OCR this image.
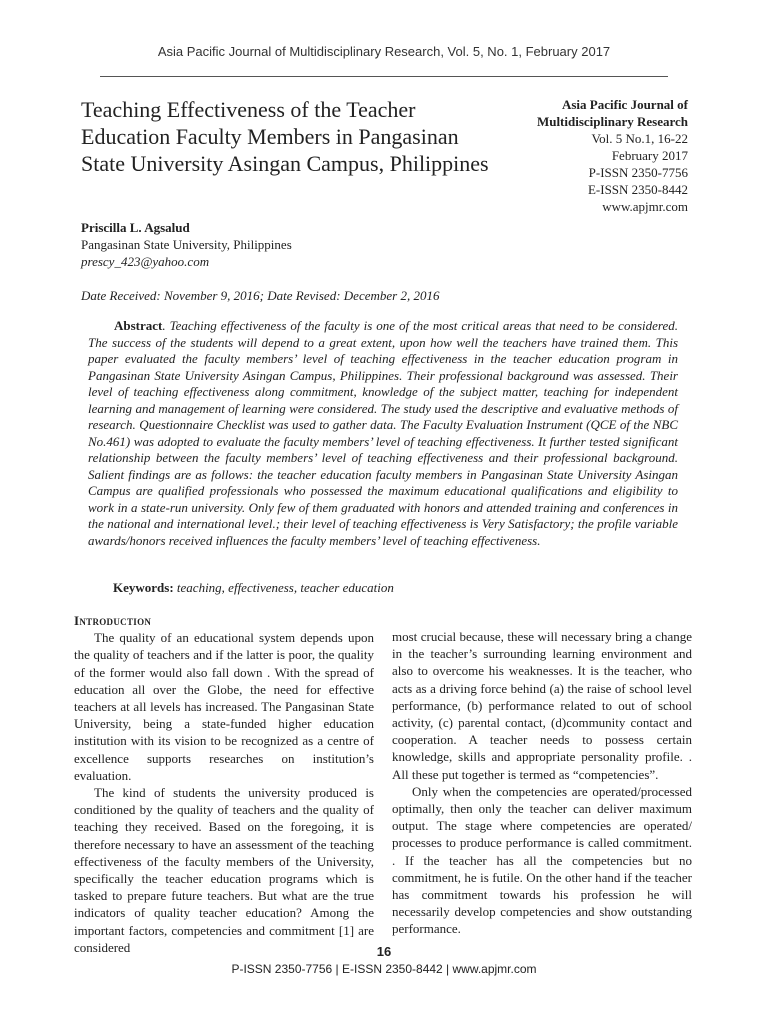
Asia Pacific Journal of Multidisciplinary Research, Vol. 5, No. 1, February 2017
Teaching Effectiveness of the Teacher Education Faculty Members in Pangasinan State University Asingan Campus, Philippines
Asia Pacific Journal of Multidisciplinary Research
Vol. 5 No.1, 16-22
February 2017
P-ISSN 2350-7756
E-ISSN 2350-8442
www.apjmr.com
Priscilla L. Agsalud
Pangasinan State University, Philippines
prescy_423@yahoo.com
Date Received: November 9, 2016; Date Revised: December 2, 2016
Abstract. Teaching effectiveness of the faculty is one of the most critical areas that need to be considered. The success of the students will depend to a great extent, upon how well the teachers have trained them. This paper evaluated the faculty members’ level of teaching effectiveness in the teacher education program in Pangasinan State University Asingan Campus, Philippines. Their professional background was assessed. Their level of teaching effectiveness along commitment, knowledge of the subject matter, teaching for independent learning and management of learning were considered. The study used the descriptive and evaluative methods of research. Questionnaire Checklist was used to gather data. The Faculty Evaluation Instrument (QCE of the NBC No.461) was adopted to evaluate the faculty members’ level of teaching effectiveness. It further tested significant relationship between the faculty members’ level of teaching effectiveness and their professional background. Salient findings are as follows: the teacher education faculty members in Pangasinan State University Asingan Campus are qualified professionals who possessed the maximum educational qualifications and eligibility to work in a state-run university. Only few of them graduated with honors and attended training and conferences in the national and international level.; their level of teaching effectiveness is Very Satisfactory; the profile variable awards/honors received influences the faculty members’ level of teaching effectiveness.
Keywords: teaching, effectiveness, teacher education

Introduction

The quality of an educational system depends upon the quality of teachers and if the latter is poor, the quality of the former would also fall down . With the spread of education all over the Globe, the need for effective teachers at all levels has increased. The Pangasinan State University, being a state-funded higher education institution with its vision to be recognized as a centre of excellence supports researches on institution’s evaluation.

The kind of students the university produced is conditioned by the quality of teachers and the quality of teaching they received. Based on the foregoing, it is therefore necessary to have an assessment of the teaching effectiveness of the faculty members of the University, specifically the teacher education programs which is tasked to prepare future teachers. But what are the true indicators of quality teacher education? Among the important factors, competencies and commitment [1] are considered

most crucial because, these will necessary bring a change in the teacher’s surrounding learning environment and also to overcome his weaknesses. It is the teacher, who acts as a driving force behind (a) the raise of school level performance, (b) performance related to out of school activity, (c) parental contact, (d)community contact and cooperation. A teacher needs to possess certain knowledge, skills and appropriate personality profile. . All these put together is termed as “competencies”.

Only when the competencies are operated/processed optimally, then only the teacher can deliver maximum output. The stage where competencies are operated/ processes to produce performance is called commitment. . If the teacher has all the competencies but no commitment, he is futile. On the other hand if the teacher has commitment towards his profession he will necessarily develop competencies and show outstanding performance.

16
P-ISSN 2350-7756 | E-ISSN 2350-8442 | www.apjmr.com
